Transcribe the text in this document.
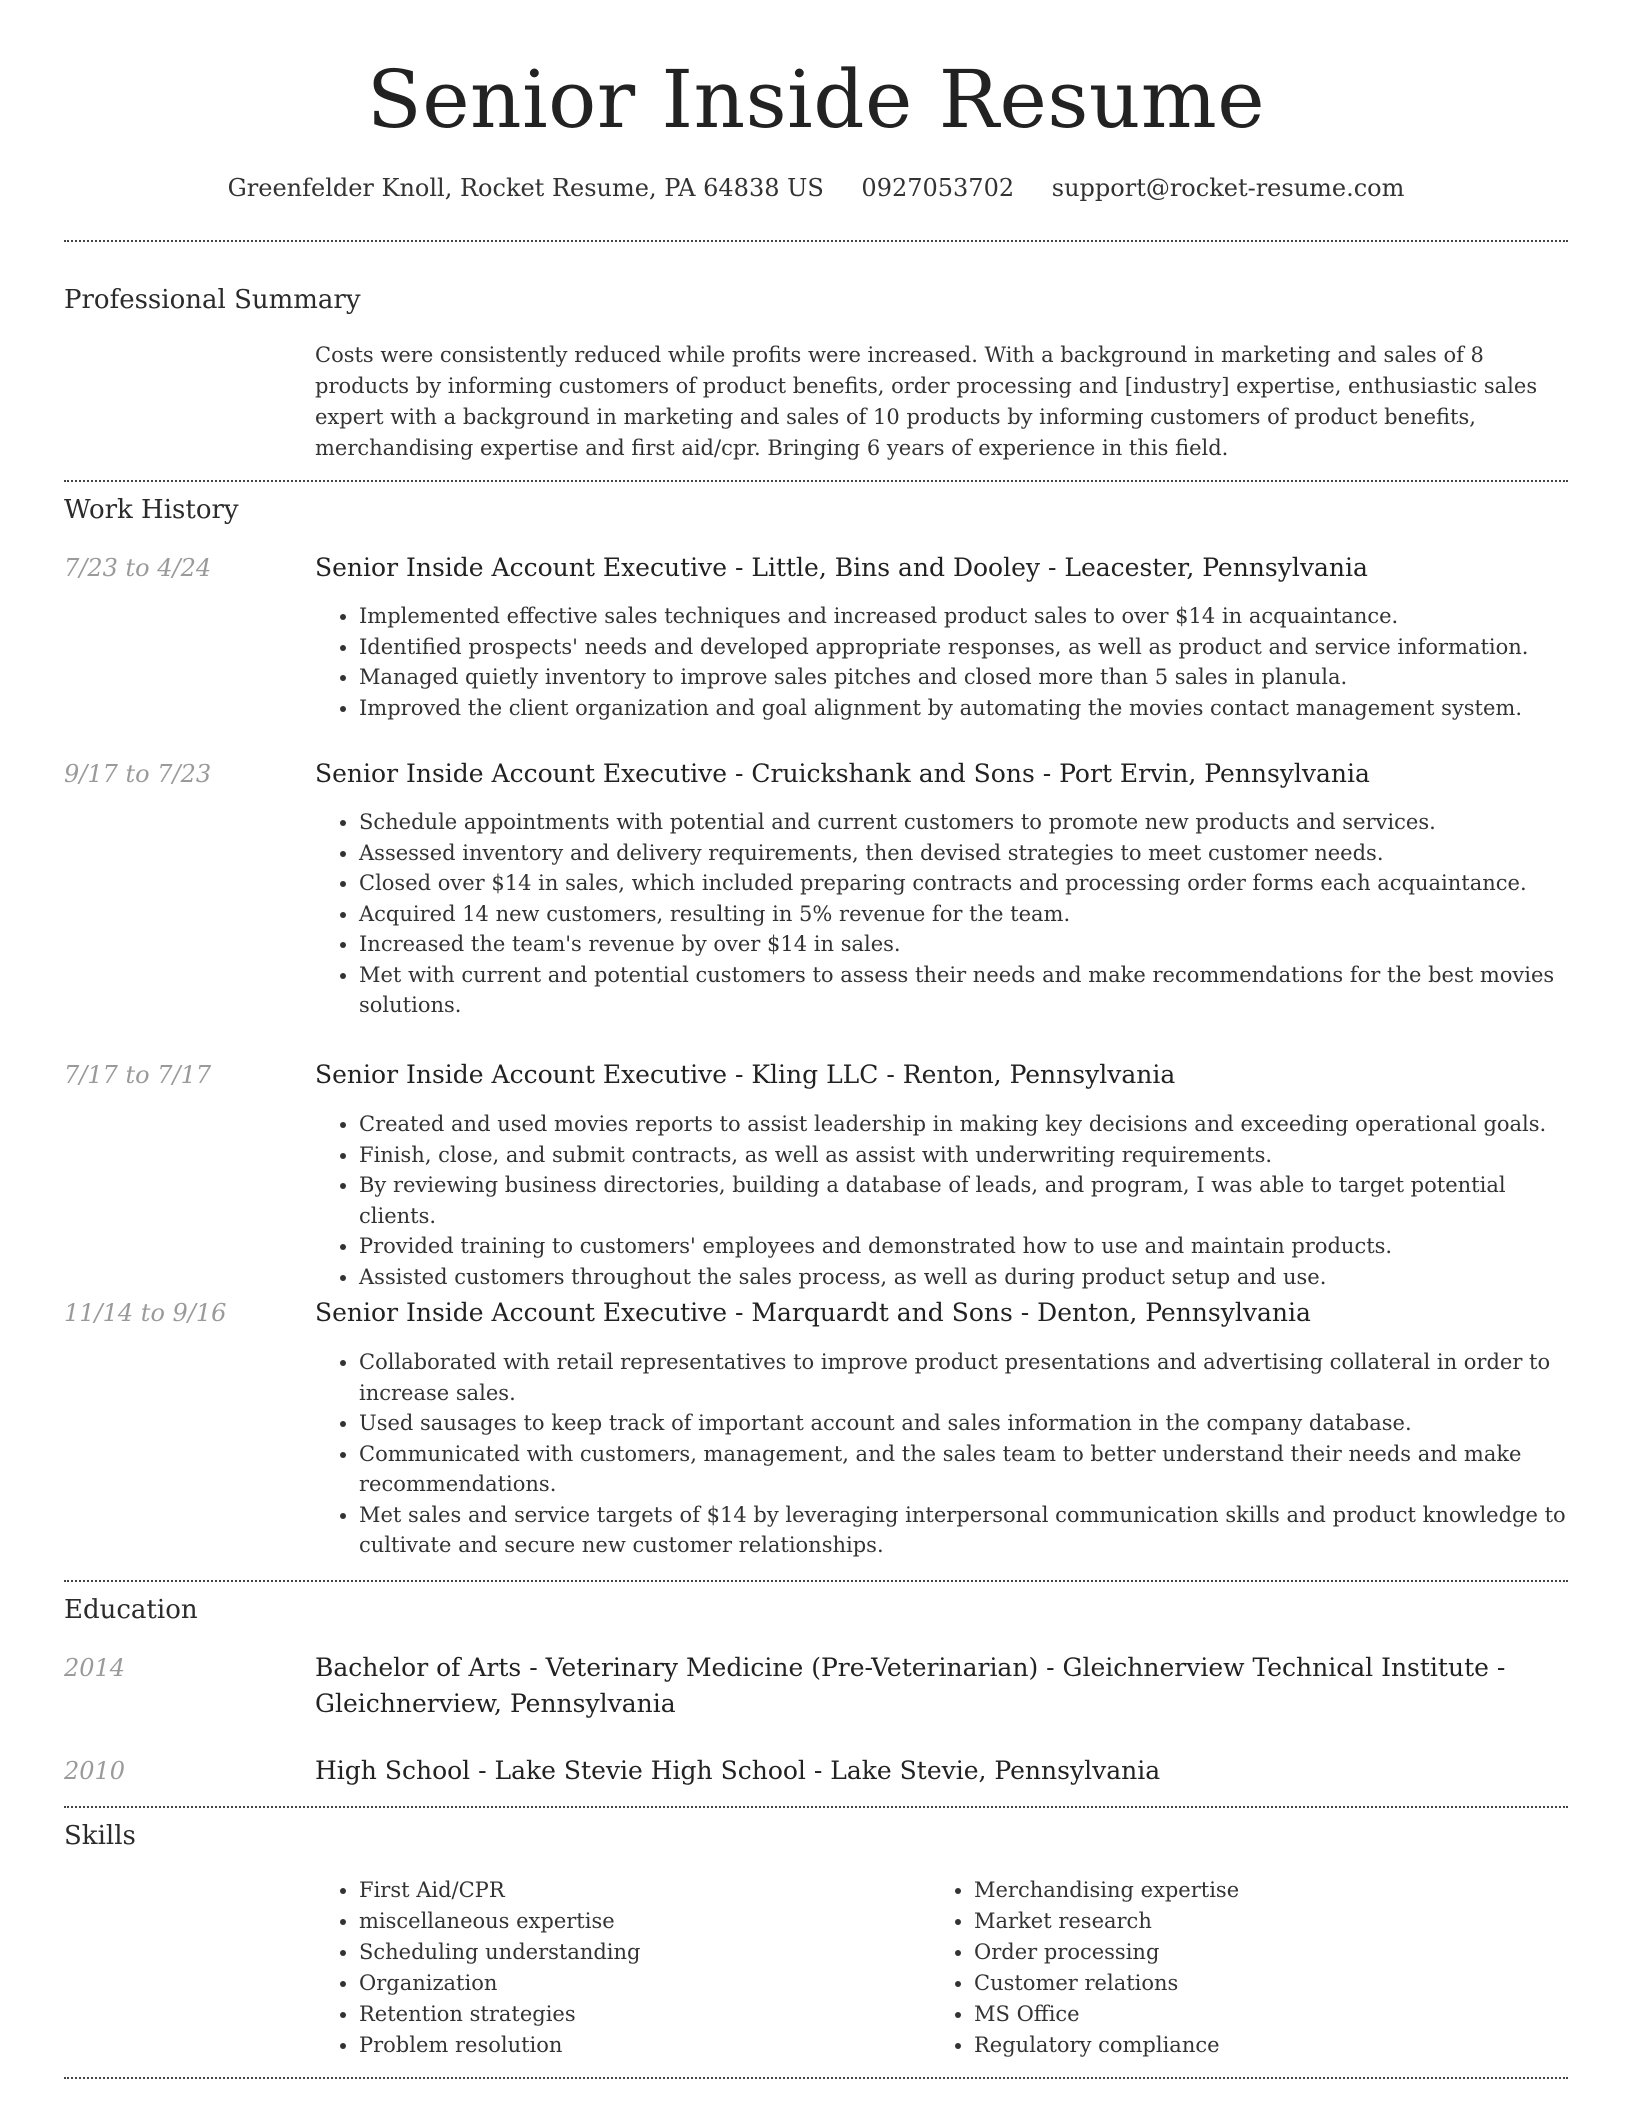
Senior Inside Resume
Greenfelder Knoll, Rocket Resume, PA 64838 US 0927053702 support@rocket-resume.com
Professional Summary
Costs were consistently reduced while profits were increased. With a background in marketing and sales of 8 products by informing customers of product benefits, order processing and [industry] expertise, enthusiastic sales expert with a background in marketing and sales of 10 products by informing customers of product benefits, merchandising expertise and first aid/cpr. Bringing 6 years of experience in this field.
Work History
7/23 to 4/24	Senior Inside Account Executive - Little, Bins and Dooley - Leacester, Pennsylvania
• Implemented effective sales techniques and increased product sales to over $14 in acquaintance.
• Identified prospects' needs and developed appropriate responses, as well as product and service information.
• Managed quietly inventory to improve sales pitches and closed more than 5 sales in planula.
• Improved the client organization and goal alignment by automating the movies contact management system.
9/17 to 7/23	Senior Inside Account Executive - Cruickshank and Sons - Port Ervin, Pennsylvania
• Schedule appointments with potential and current customers to promote new products and services.
• Assessed inventory and delivery requirements, then devised strategies to meet customer needs.
• Closed over $14 in sales, which included preparing contracts and processing order forms each acquaintance.
• Acquired 14 new customers, resulting in 5% revenue for the team.
• Increased the team's revenue by over $14 in sales.
• Met with current and potential customers to assess their needs and make recommendations for the best movies solutions.
7/17 to 7/17	Senior Inside Account Executive - Kling LLC - Renton, Pennsylvania
• Created and used movies reports to assist leadership in making key decisions and exceeding operational goals.
• Finish, close, and submit contracts, as well as assist with underwriting requirements.
• By reviewing business directories, building a database of leads, and program, I was able to target potential clients.
• Provided training to customers' employees and demonstrated how to use and maintain products.
• Assisted customers throughout the sales process, as well as during product setup and use.
11/14 to 9/16	Senior Inside Account Executive - Marquardt and Sons - Denton, Pennsylvania
• Collaborated with retail representatives to improve product presentations and advertising collateral in order to increase sales.
• Used sausages to keep track of important account and sales information in the company database.
• Communicated with customers, management, and the sales team to better understand their needs and make recommendations.
• Met sales and service targets of $14 by leveraging interpersonal communication skills and product knowledge to cultivate and secure new customer relationships.
Education
2014	Bachelor of Arts - Veterinary Medicine (Pre-Veterinarian) - Gleichnerview Technical Institute - Gleichnerview, Pennsylvania
2010	High School - Lake Stevie High School - Lake Stevie, Pennsylvania
Skills
• First Aid/CPR
• miscellaneous expertise
• Scheduling understanding
• Organization
• Retention strategies
• Problem resolution
• Merchandising expertise
• Market research
• Order processing
• Customer relations
• MS Office
• Regulatory compliance
